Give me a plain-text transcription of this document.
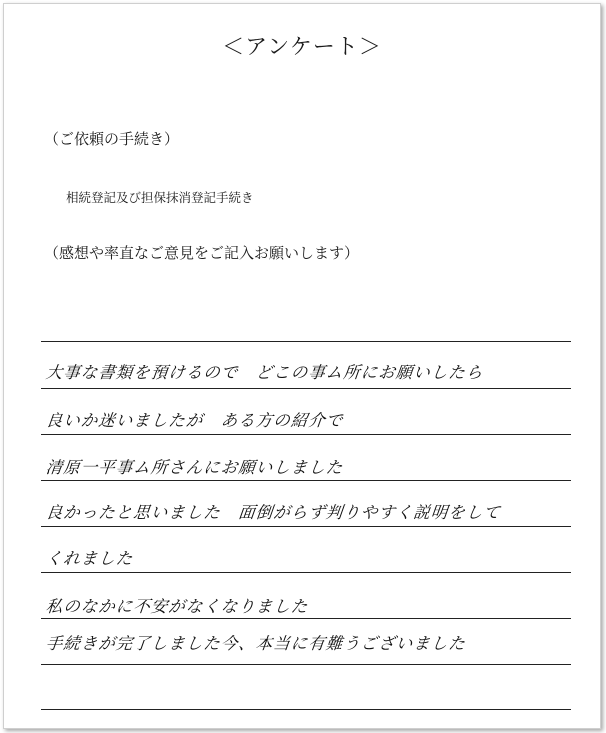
＜アンケート＞
（ご依頼の手続き）
相続登記及び担保抹消登記手続き
（感想や率直なご意見をご記入お願いします）
大事な書類を預けるので　どこの事ム所にお願いしたら
良いか迷いましたが　ある方の紹介で
清原一平事ム所さんにお願いしました
良かったと思いました　面倒がらず判りやすく説明をして
くれました
私のなかに不安がなくなりました
手続きが完了しました今、本当に有難うございました
